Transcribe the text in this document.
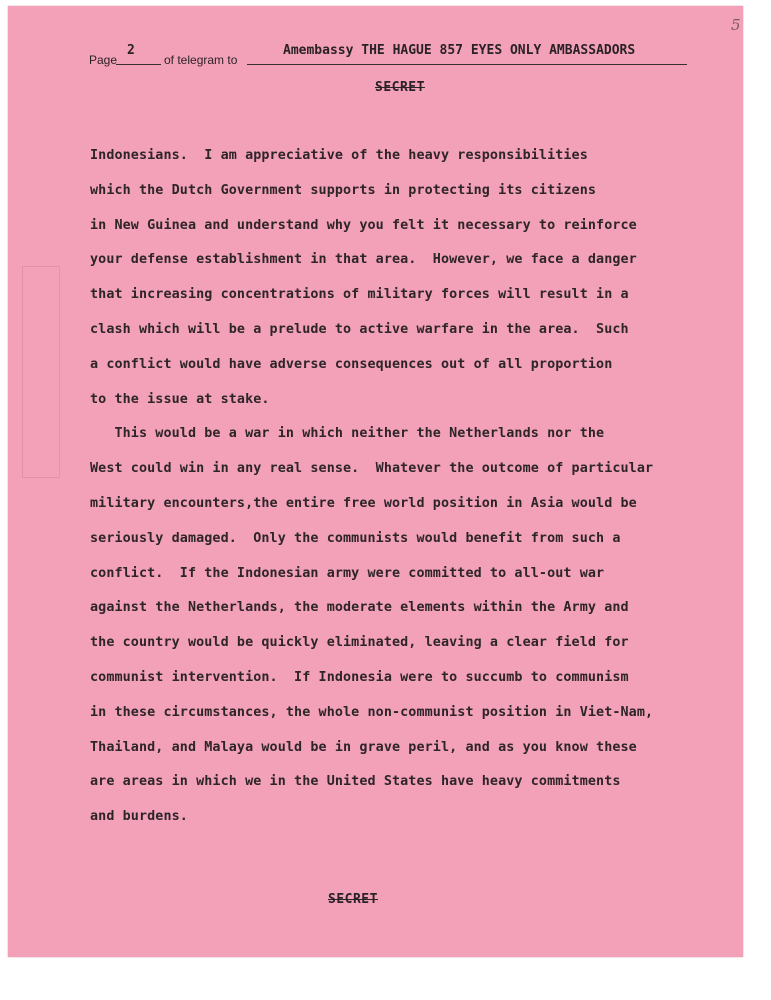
5
Page
2
of telegram to
Amembassy THE HAGUE 857 EYES ONLY AMBASSADORS
SECRET
Indonesians.  I am appreciative of the heavy responsibilities
which the Dutch Government supports in protecting its citizens
in New Guinea and understand why you felt it necessary to reinforce
your defense establishment in that area.  However, we face a danger
that increasing concentrations of military forces will result in a
clash which will be a prelude to active warfare in the area.  Such
a conflict would have adverse consequences out of all proportion
to the issue at stake.
This would be a war in which neither the Netherlands nor the
West could win in any real sense.  Whatever the outcome of particular
military encounters,the entire free world position in Asia would be
seriously damaged.  Only the communists would benefit from such a
conflict.  If the Indonesian army were committed to all-out war
against the Netherlands, the moderate elements within the Army and
the country would be quickly eliminated, leaving a clear field for
communist intervention.  If Indonesia were to succumb to communism
in these circumstances, the whole non-communist position in Viet-Nam,
Thailand, and Malaya would be in grave peril, and as you know these
are areas in which we in the United States have heavy commitments
and burdens.
SECRET
